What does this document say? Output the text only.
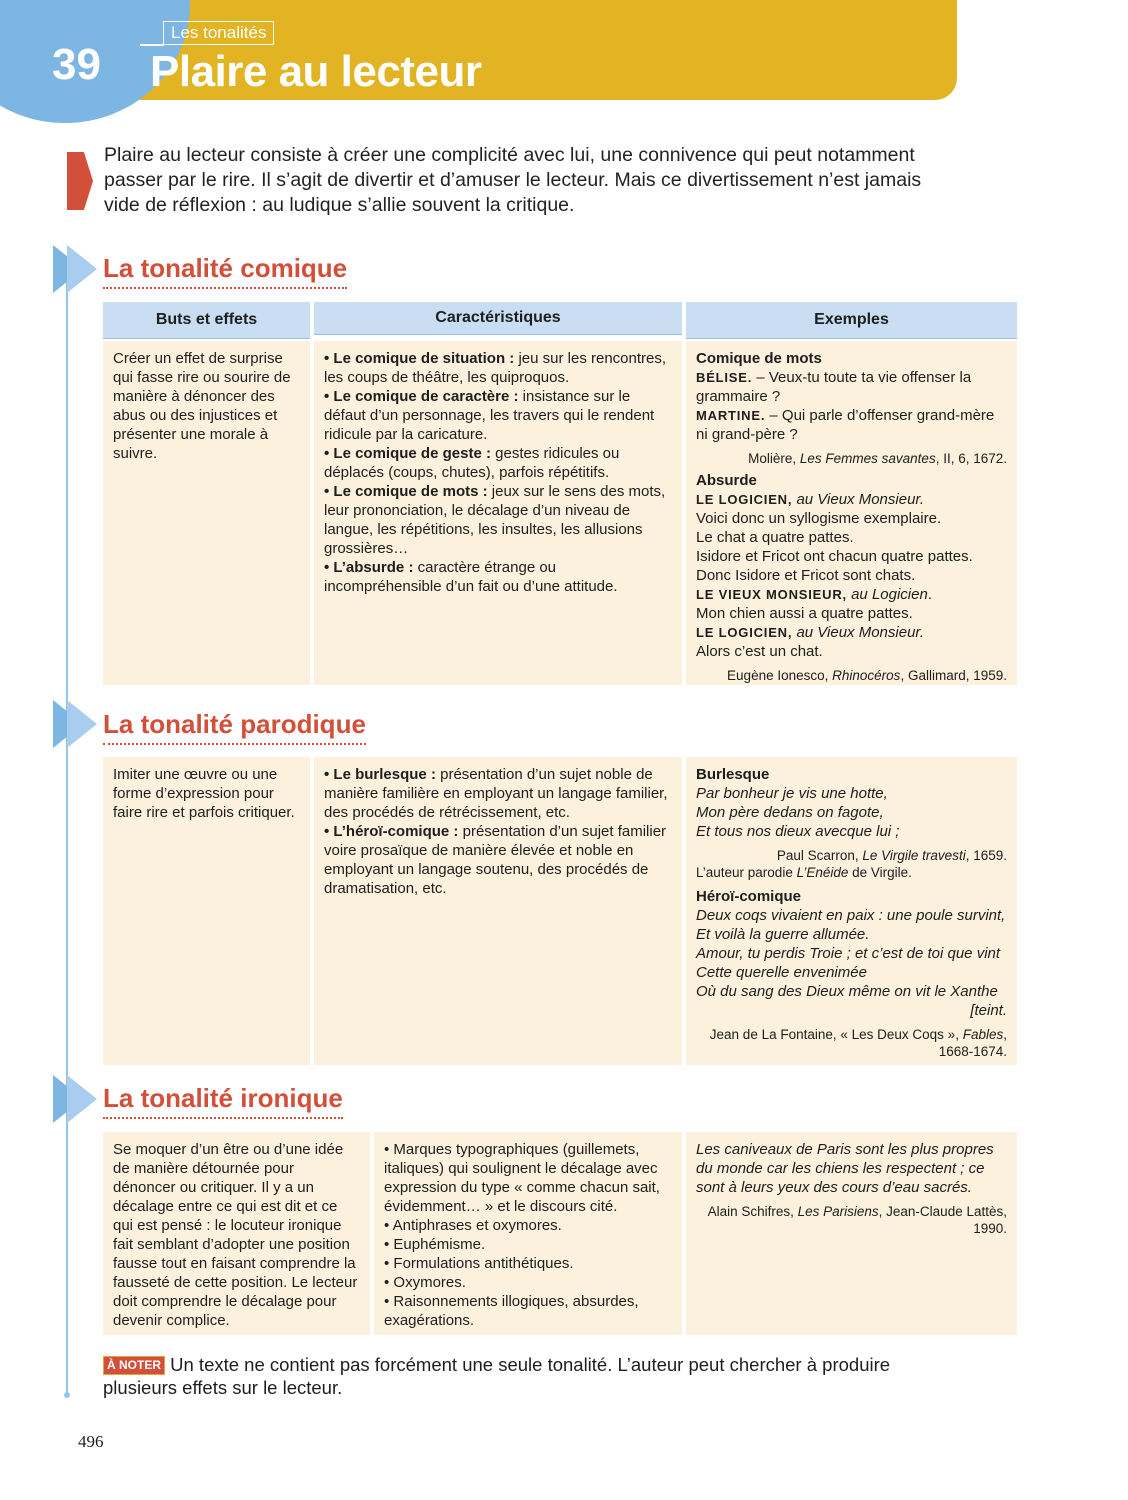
39
Les tonalités
Plaire au lecteur

Plaire au lecteur consiste à créer une complicité avec lui, une connivence qui peut notamment passer par le rire. Il s’agit de divertir et d’amuser le lecteur. Mais ce divertissement n’est jamais vide de réflexion : au ludique s’allie souvent la critique.

La tonalité comique
Buts et effets	Caractéristiques	Exemples

Créer un effet de surprise qui fasse rire ou sourire de manière à dénoncer des abus ou des injustices et présenter une morale à suivre.

• Le comique de situation : jeu sur les rencontres, les coups de théâtre, les quiproquos.

• Le comique de caractère : insistance sur le défaut d’un personnage, les travers qui le rendent ridicule par la caricature.

• Le comique de geste : gestes ridicules ou déplacés (coups, chutes), parfois répétitifs.

• Le comique de mots : jeux sur le sens des mots, leur prononciation, le décalage d’un niveau de langue, les répétitions, les insultes, les allusions grossières…

• L’absurde : caractère étrange ou incompréhensible d’un fait ou d’une attitude.

Comique de mots

BÉLISE. – Veux-tu toute ta vie offenser la grammaire ?

MARTINE. – Qui parle d’offenser grand-mère ni grand-père ?

Molière, Les Femmes savantes, II, 6, 1672.

Absurde

LE LOGICIEN, au Vieux Monsieur.

Voici donc un syllogisme exemplaire.

Le chat a quatre pattes.

Isidore et Fricot ont chacun quatre pattes.

Donc Isidore et Fricot sont chats.

LE VIEUX MONSIEUR, au Logicien.

Mon chien aussi a quatre pattes.

LE LOGICIEN, au Vieux Monsieur.

Alors c’est un chat.

Eugène Ionesco, Rhinocéros, Gallimard, 1959.

La tonalité parodique

Imiter une œuvre ou une forme d’expression pour faire rire et parfois critiquer.

• Le burlesque : présentation d’un sujet noble de manière familière en employant un langage familier, des procédés de rétrécissement, etc.

• L’héroï-comique : présentation d’un sujet familier voire prosaïque de manière élevée et noble en employant un langage soutenu, des procédés de dramatisation, etc.

Burlesque

Par bonheur je vis une hotte,

Mon père dedans on fagote,

Et tous nos dieux avecque lui ;

Paul Scarron, Le Virgile travesti, 1659.

L’auteur parodie L’Enéide de Virgile.

Héroï-comique

Deux coqs vivaient en paix : une poule survint,

Et voilà la guerre allumée.

Amour, tu perdis Troie ; et c’est de toi que vint

Cette querelle envenimée

Où du sang des Dieux même on vit le Xanthe

[teint.

Jean de La Fontaine, « Les Deux Coqs », Fables,

1668-1674.

La tonalité ironique

Se moquer d’un être ou d’une idée de manière détournée pour dénoncer ou critiquer. Il y a un décalage entre ce qui est dit et ce qui est pensé : le locuteur ironique fait semblant d’adopter une position fausse tout en faisant comprendre la fausseté de cette position. Le lecteur doit comprendre le décalage pour devenir complice.

• Marques typographiques (guillemets, italiques) qui soulignent le décalage avec expression du type « comme chacun sait, évidemment… » et le discours cité.

• Antiphrases et oxymores.

• Euphémisme.

• Formulations antithétiques.

• Oxymores.

• Raisonnements illogiques, absurdes, exagérations.

Les caniveaux de Paris sont les plus propres du monde car les chiens les respectent ; ce sont à leurs yeux des cours d’eau sacrés.

Alain Schifres, Les Parisiens, Jean-Claude Lattès,

1990.

À NOTER Un texte ne contient pas forcément une seule tonalité. L’auteur peut chercher à produire plusieurs effets sur le lecteur.

496
